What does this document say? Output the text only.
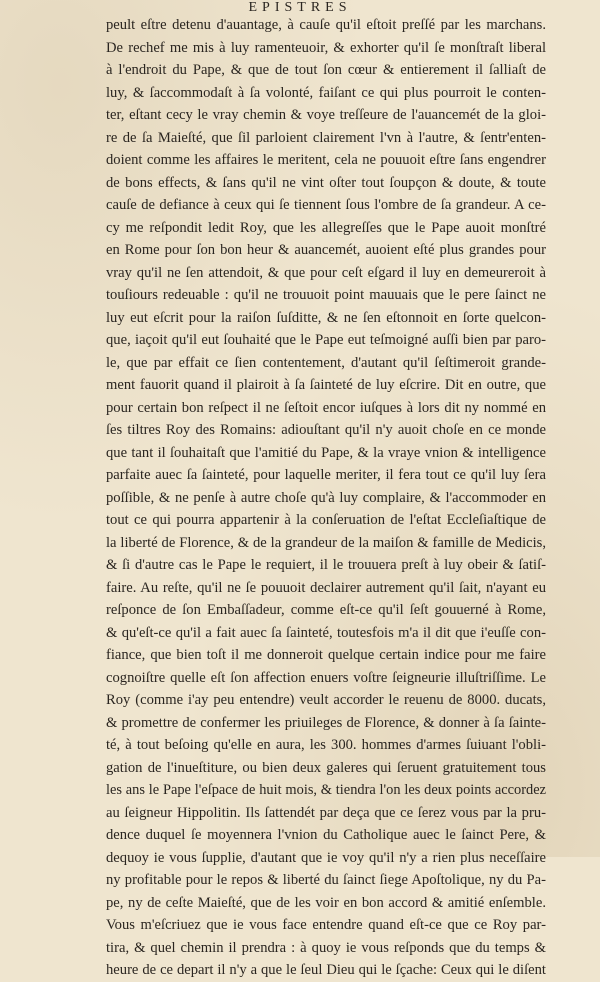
EPISTRES
peult eſtre detenu d'auantage, à cauſe qu'il eſtoit preſſé par les marchans.
De rechef me mis à luy ramenteuoir, & exhorter qu'il ſe monſtraſt liberal
à l'endroit du Pape, & que de tout ſon cœur & entierement il ſalliaſt de
luy, & ſaccommodaſt à ſa volonté, faiſant ce qui plus pourroit le conten-
ter, eſtant cecy le vray chemin & voye treſſeure de l'auancemét de la gloi-
re de ſa Maieſté, que ſil parloient clairement l'vn à l'autre, & ſentr'enten-
doient comme les affaires le meritent, cela ne pouuoit eſtre ſans engendrer
de bons effects, & ſans qu'il ne vint oſter tout ſoupçon & doute, & toute
cauſe de defiance à ceux qui ſe tiennent ſous l'ombre de ſa grandeur. A ce-
cy me reſpondit ledit Roy, que les allegreſſes que le Pape auoit monſtré
en Rome pour ſon bon heur & auancemét, auoient eſté plus grandes pour
vray qu'il ne ſen attendoit, & que pour ceſt eſgard il luy en demeureroit à
touſiours redeuable : qu'il ne trouuoit point mauuais que le pere ſainct ne
luy eut eſcrit pour la raiſon ſuſditte, & ne ſen eſtonnoit en ſorte quelcon-
que, iaçoit qu'il eut ſouhaité que le Pape eut teſmoigné auſſi bien par paro-
le, que par effait ce ſien contentement, d'autant qu'il ſeſtimeroit grande-
ment fauorit quand il plairoit à ſa ſainteté de luy eſcrire. Dit en outre, que
pour certain bon reſpect il ne ſeſtoit encor iuſques à lors dit ny nommé en
ſes tiltres Roy des Romains: adiouſtant qu'il n'y auoit choſe en ce monde
que tant il ſouhaitaſt que l'amitié du Pape, & la vraye vnion & intelligence
parfaite auec ſa ſainteté, pour laquelle meriter, il fera tout ce qu'il luy ſera
poſſible, & ne penſe à autre choſe qu'à luy complaire, & l'accommoder en
tout ce qui pourra appartenir à la conſeruation de l'eſtat Eccleſiaſtique de
la liberté de Florence, & de la grandeur de la maiſon & famille de Medicis,
& ſi d'autre cas le Pape le requiert, il le trouuera preſt à luy obeir & ſatiſ-
faire. Au reſte, qu'il ne ſe pouuoit declairer autrement qu'il ſait, n'ayant eu
reſponce de ſon Embaſſadeur, comme eſt-ce qu'il ſeſt gouuerné à Rome,
& qu'eſt-ce qu'il a fait auec ſa ſainteté, toutesfois m'a il dit que i'euſſe con-
fiance, que bien toſt il me donneroit quelque certain indice pour me faire
cognoiſtre quelle eſt ſon affection enuers voſtre ſeigneurie illuſtriſſime. Le
Roy (comme i'ay peu entendre) veult accorder le reuenu de 8000. ducats,
& promettre de confermer les priuileges de Florence, & donner à ſa ſainte-
té, à tout beſoing qu'elle en aura, les 300. hommes d'armes ſuiuant l'obli-
gation de l'inueſtiture, ou bien deux galeres qui ſeruent gratuitement tous
les ans le Pape l'eſpace de huit mois, & tiendra l'on les deux points accordez
au ſeigneur Hippolitin. Ils ſattendét par deça que ce ſerez vous par la pru-
dence duquel ſe moyennera l'vnion du Catholique auec le ſainct Pere, &
dequoy ie vous ſupplie, d'autant que ie voy qu'il n'y a rien plus neceſſaire
ny profitable pour le repos & liberté du ſainct ſiege Apoſtolique, ny du Pa-
pe, ny de ceſte Maieſté, que de les voir en bon accord & amitié enſemble.
Vous m'eſcriuez que ie vous face entendre quand eſt-ce que ce Roy par-
tira, & quel chemin il prendra : à quoy ie vous reſponds que du temps &
heure de ce depart il n'y a que le ſeul Dieu qui le ſçache: Ceux qui le diſent
